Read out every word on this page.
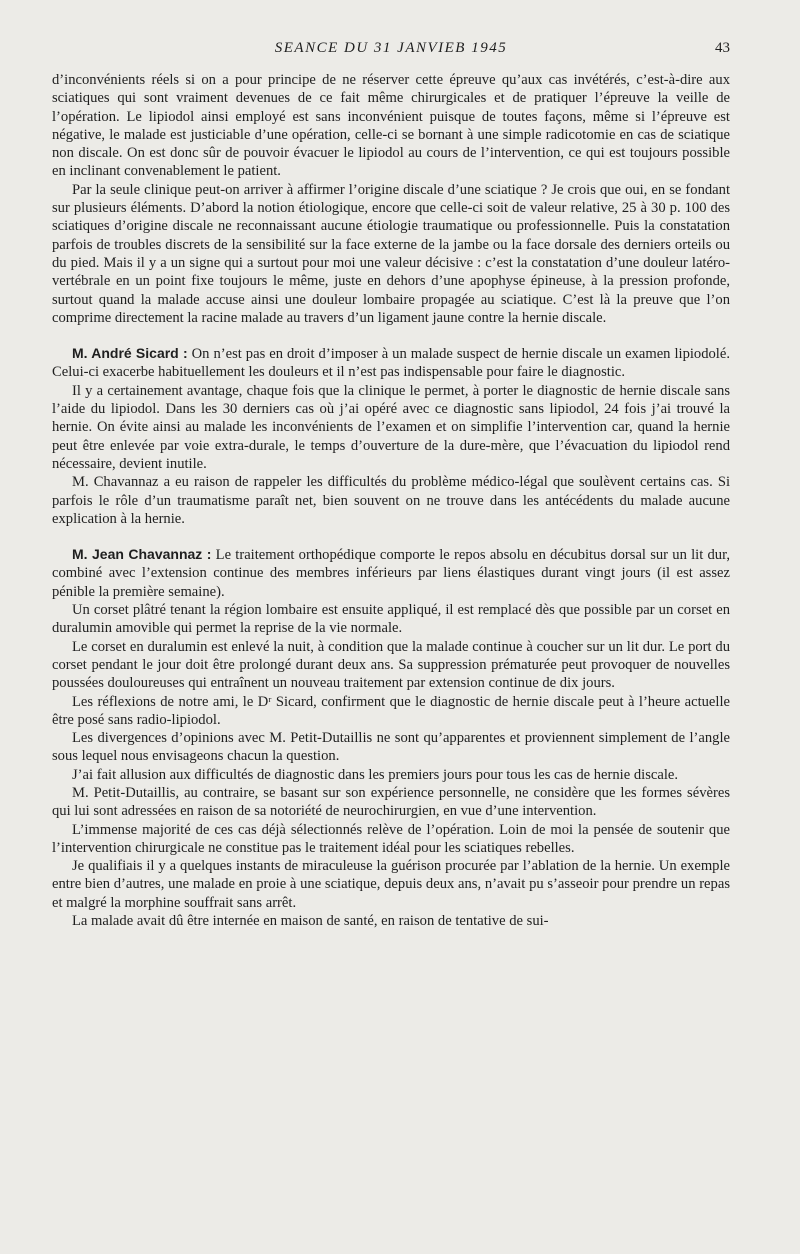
SEANCE DU 31 JANVIEB 1945	43

d’inconvénients réels si on a pour principe de ne réserver cette épreuve qu’aux cas invétérés, c’est-à-dire aux sciatiques qui sont vraiment devenues de ce fait même chirurgicales et de pratiquer l’épreuve la veille de l’opération. Le lipiodol ainsi employé est sans inconvénient puisque de toutes façons, même si l’épreuve est négative, le malade est justiciable d’une opération, celle-ci se bornant à une simple radicotomie en cas de sciatique non discale. On est donc sûr de pouvoir évacuer le lipiodol au cours de l’intervention, ce qui est toujours possible en inclinant convenablement le patient.

Par la seule clinique peut-on arriver à affirmer l’origine discale d’une sciatique ? Je crois que oui, en se fondant sur plusieurs éléments. D’abord la notion étiologique, encore que celle-ci soit de valeur relative, 25 à 30 p. 100 des sciatiques d’origine discale ne reconnaissant aucune étiologie traumatique ou professionnelle. Puis la constatation parfois de troubles discrets de la sensibilité sur la face externe de la jambe ou la face dorsale des derniers orteils ou du pied. Mais il y a un signe qui a surtout pour moi une valeur décisive : c’est la constatation d’une douleur latéro-vertébrale en un point fixe toujours le même, juste en dehors d’une apophyse épineuse, à la pression profonde, surtout quand la malade accuse ainsi une douleur lombaire propagée au sciatique. C’est là la preuve que l’on comprime directement la racine malade au travers d’un ligament jaune contre la hernie discale.

M. André Sicard : On n’est pas en droit d’imposer à un malade suspect de hernie discale un examen lipiodolé. Celui-ci exacerbe habituellement les douleurs et il n’est pas indispensable pour faire le diagnostic.

Il y a certainement avantage, chaque fois que la clinique le permet, à porter le diagnostic de hernie discale sans l’aide du lipiodol. Dans les 30 derniers cas où j’ai opéré avec ce diagnostic sans lipiodol, 24 fois j’ai trouvé la hernie. On évite ainsi au malade les inconvénients de l’examen et on simplifie l’intervention car, quand la hernie peut être enlevée par voie extra-durale, le temps d’ouverture de la dure-mère, que l’évacuation du lipiodol rend nécessaire, devient inutile.

M. Chavannaz a eu raison de rappeler les difficultés du problème médico-légal que soulèvent certains cas. Si parfois le rôle d’un traumatisme paraît net, bien souvent on ne trouve dans les antécédents du malade aucune explication à la hernie.

M. Jean Chavannaz : Le traitement orthopédique comporte le repos absolu en décubitus dorsal sur un lit dur, combiné avec l’extension continue des membres inférieurs par liens élastiques durant vingt jours (il est assez pénible la première semaine).

Un corset plâtré tenant la région lombaire est ensuite appliqué, il est remplacé dès que possible par un corset en duralumin amovible qui permet la reprise de la vie normale.

Le corset en duralumin est enlevé la nuit, à condition que la malade continue à coucher sur un lit dur. Le port du corset pendant le jour doit être prolongé durant deux ans. Sa suppression prématurée peut provoquer de nouvelles poussées douloureuses qui entraînent un nouveau traitement par extension continue de dix jours.

Les réflexions de notre ami, le Dʳ Sicard, confirment que le diagnostic de hernie discale peut à l’heure actuelle être posé sans radio-lipiodol.

Les divergences d’opinions avec M. Petit-Dutaillis ne sont qu’apparentes et proviennent simplement de l’angle sous lequel nous envisageons chacun la question.

J’ai fait allusion aux difficultés de diagnostic dans les premiers jours pour tous les cas de hernie discale.

M. Petit-Dutaillis, au contraire, se basant sur son expérience personnelle, ne considère que les formes sévères qui lui sont adressées en raison de sa notoriété de neurochirurgien, en vue d’une intervention.

L’immense majorité de ces cas déjà sélectionnés relève de l’opération. Loin de moi la pensée de soutenir que l’intervention chirurgicale ne constitue pas le traitement idéal pour les sciatiques rebelles.

Je qualifiais il y a quelques instants de miraculeuse la guérison procurée par l’ablation de la hernie. Un exemple entre bien d’autres, une malade en proie à une sciatique, depuis deux ans, n’avait pu s’asseoir pour prendre un repas et malgré la morphine souffrait sans arrêt.

La malade avait dû être internée en maison de santé, en raison de tentative de sui-
